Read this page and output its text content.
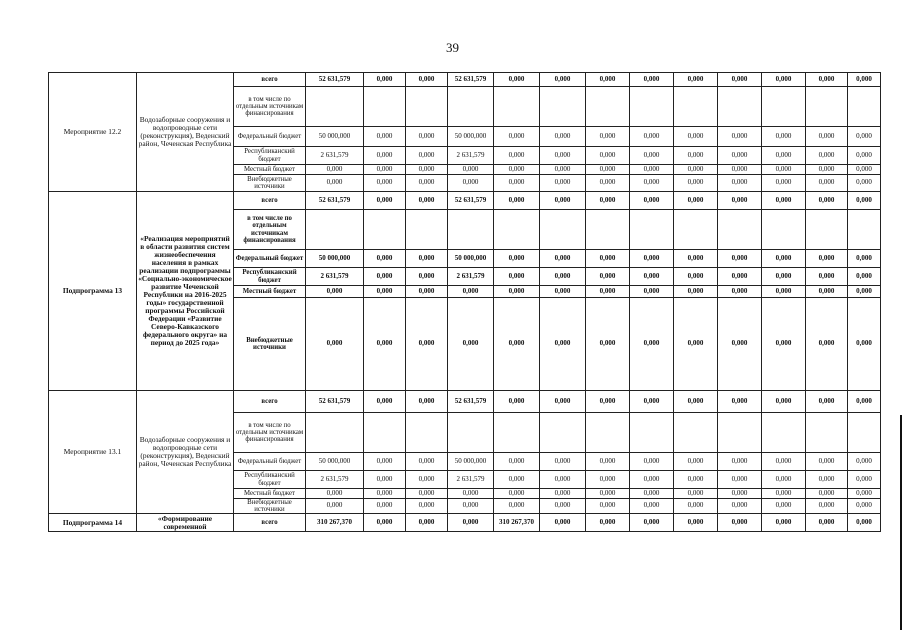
39
Мероприятие 12.2	Водозаборные сооружения и водопроводные сети (реконструкция), Веденский район, Чеченская Республика	всего	52 631,579	0,000	0,000	52 631,579	0,000	0,000	0,000	0,000	0,000	0,000	0,000	0,000	0,000
		в том числе по отдельным источникам финансирования													
		Федеральный бюджет	50 000,000	0,000	0,000	50 000,000	0,000	0,000	0,000	0,000	0,000	0,000	0,000	0,000	0,000
		Республиканский бюджет	2 631,579	0,000	0,000	2 631,579	0,000	0,000	0,000	0,000	0,000	0,000	0,000	0,000	0,000
		Местный бюджет	0,000	0,000	0,000	0,000	0,000	0,000	0,000	0,000	0,000	0,000	0,000	0,000	0,000
		Внебюджетные источники	0,000	0,000	0,000	0,000	0,000	0,000	0,000	0,000	0,000	0,000	0,000	0,000	0,000
Подпрограмма 13	«Реализация мероприятий в области развития систем жизнеобеспечения населения в рамках реализации подпрограммы «Социально-экономическое развитие Чеченской Республики на 2016-2025 годы» государственной программы Российской Федерации «Развитие Северо-Кавказского федерального округа» на период до 2025 года»	всего	52 631,579	0,000	0,000	52 631,579	0,000	0,000	0,000	0,000	0,000	0,000	0,000	0,000	0,000
		в том числе по отдельным источникам финансирования													
		Федеральный бюджет	50 000,000	0,000	0,000	50 000,000	0,000	0,000	0,000	0,000	0,000	0,000	0,000	0,000	0,000
		Республиканский бюджет	2 631,579	0,000	0,000	2 631,579	0,000	0,000	0,000	0,000	0,000	0,000	0,000	0,000	0,000
		Местный бюджет	0,000	0,000	0,000	0,000	0,000	0,000	0,000	0,000	0,000	0,000	0,000	0,000	0,000
		Внебюджетные источники	0,000	0,000	0,000	0,000	0,000	0,000	0,000	0,000	0,000	0,000	0,000	0,000	0,000
Мероприятие 13.1	Водозаборные сооружения и водопроводные сети (реконструкция), Веденский район, Чеченская Республика	всего	52 631,579	0,000	0,000	52 631,579	0,000	0,000	0,000	0,000	0,000	0,000	0,000	0,000	0,000
		в том числе по отдельным источникам финансирования													
		Федеральный бюджет	50 000,000	0,000	0,000	50 000,000	0,000	0,000	0,000	0,000	0,000	0,000	0,000	0,000	0,000
		Республиканский бюджет	2 631,579	0,000	0,000	2 631,579	0,000	0,000	0,000	0,000	0,000	0,000	0,000	0,000	0,000
		Местный бюджет	0,000	0,000	0,000	0,000	0,000	0,000	0,000	0,000	0,000	0,000	0,000	0,000	0,000
		Внебюджетные источники	0,000	0,000	0,000	0,000	0,000	0,000	0,000	0,000	0,000	0,000	0,000	0,000	0,000
Подпрограмма 14	«Формирование современной	всего	310 267,370	0,000	0,000	0,000	310 267,370	0,000	0,000	0,000	0,000	0,000	0,000	0,000	0,000
